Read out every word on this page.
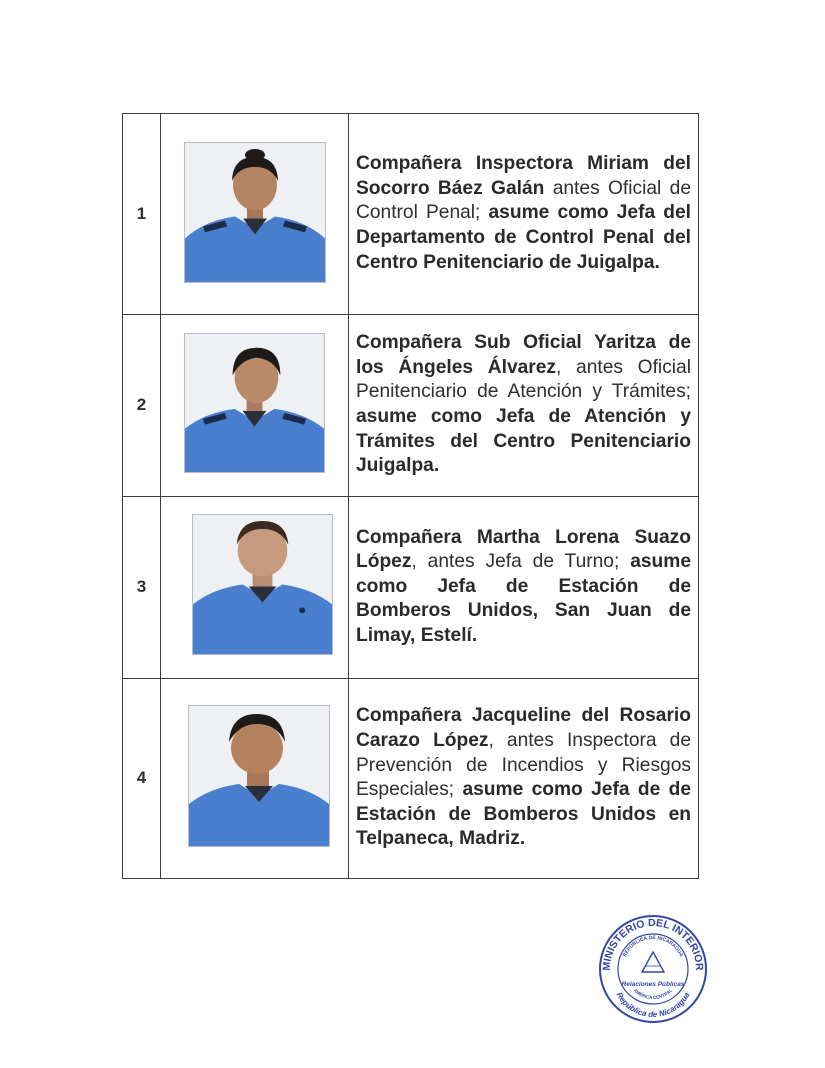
1		Compañera Inspectora Miriam del Socorro Báez Galán antes Oficial de Control Penal; asume como Jefa del Departamento de Control Penal del Centro Penitenciario de Juigalpa.

2		Compañera Sub Oficial Yaritza de los Ángeles Álvarez, antes Oficial Penitenciario de Atención y Trámites; asume como Jefa de Atención y Trámites del Centro Penitenciario Juigalpa.

3		Compañera Martha Lorena Suazo López, antes Jefa de Turno; asume como Jefa de Estación de Bomberos Unidos, San Juan de Limay, Estelí.

4		Compañera Jacqueline del Rosario Carazo López, antes Inspectora de Prevención de Incendios y Riesgos Especiales; asume como Jefa de de Estación de Bomberos Unidos en Telpaneca, Madriz.

MINISTERIO DEL INTERIOR
República de Nicaragua
REPÚBLICA DE NICARAGUA
AMÉRICA CENTRAL
Relaciones Públicas
